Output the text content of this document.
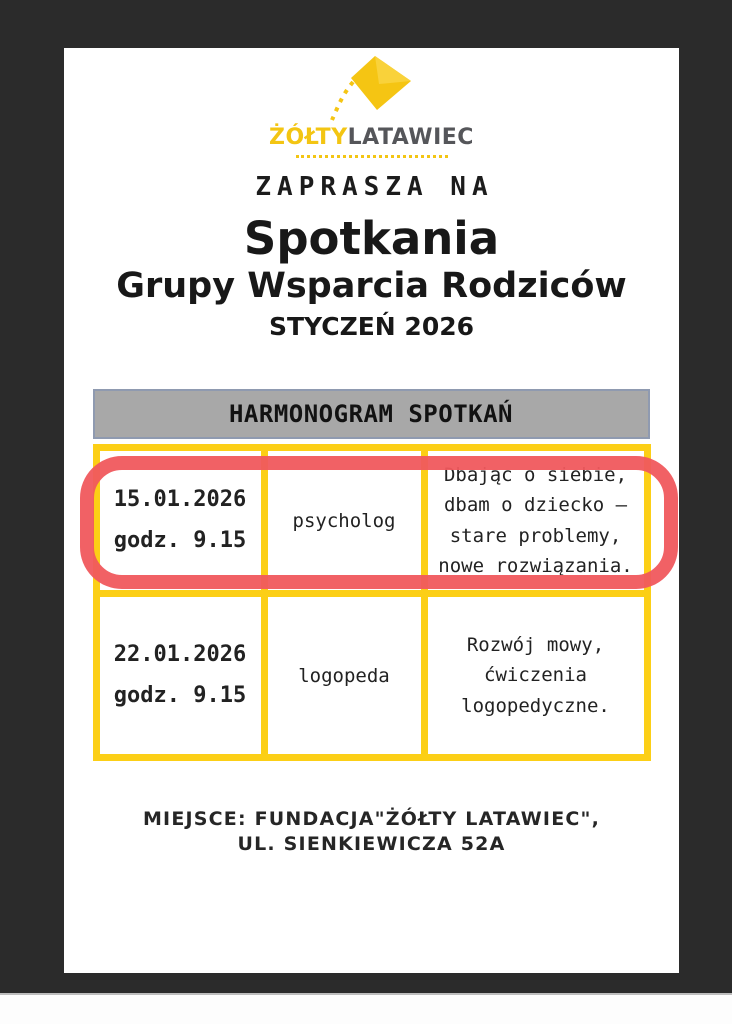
ŻÓŁTYLATAWIEC
ZAPRASZA NA
Spotkania
Grupy Wsparcia Rodziców
STYCZEŃ 2026
HARMONOGRAM SPOTKAŃ
15.01.2026
godz. 9.15
psycholog
Dbając o siebie, dbam o dziecko – stare problemy, nowe rozwiązania.
22.01.2026
godz. 9.15
logopeda
Rozwój mowy, ćwiczenia logopedyczne.
MIEJSCE: FUNDACJA"ŻÓŁTY LATAWIEC",
UL. SIENKIEWICZA 52A
